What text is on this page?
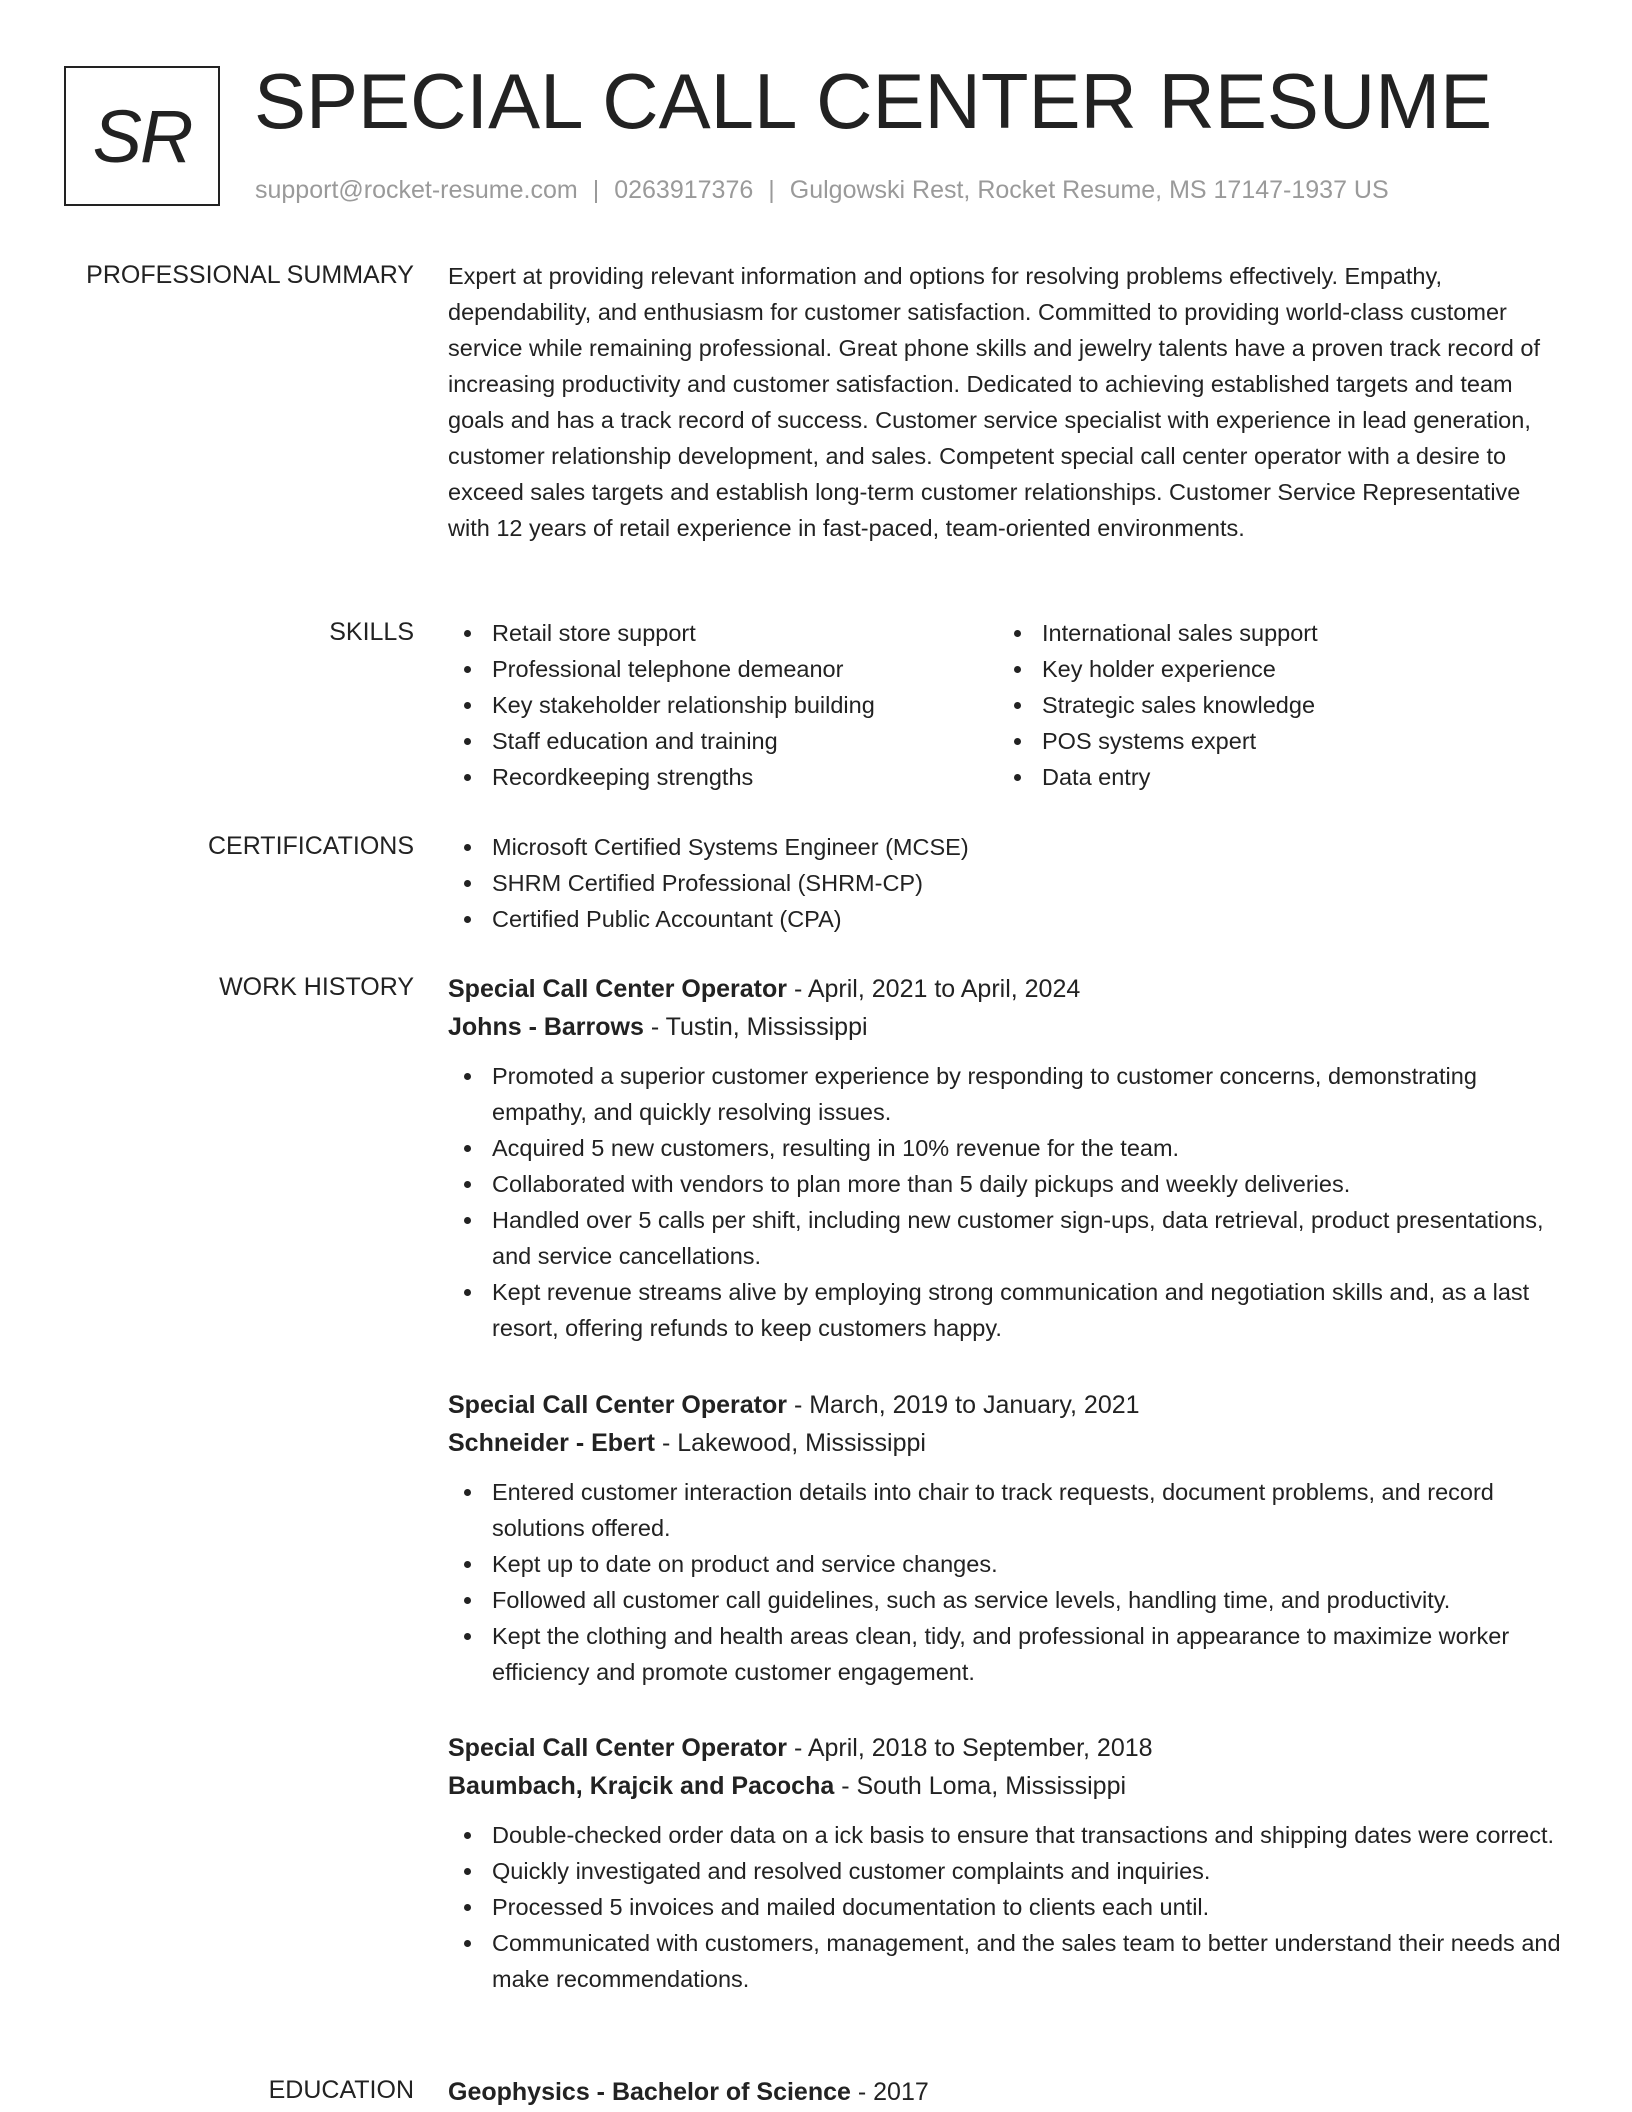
SR SPECIAL CALL CENTER RESUME
support@rocket-resume.com | 0263917376 | Gulgowski Rest, Rocket Resume, MS 17147-1937 US
PROFESSIONAL SUMMARY Expert at providing relevant information and options for resolving problems effectively. Empathy, dependability, and enthusiasm for customer satisfaction. Committed to providing world-class customer service while remaining professional. Great phone skills and jewelry talents have a proven track record of increasing productivity and customer satisfaction. Dedicated to achieving established targets and team goals and has a track record of success. Customer service specialist with experience in lead generation, customer relationship development, and sales. Competent special call center operator with a desire to exceed sales targets and establish long-term customer relationships. Customer Service Representative with 12 years of retail experience in fast-paced, team-oriented environments.

SKILLS	Retail store support
Professional telephone demeanor
Key stakeholder relationship building
Staff education and training
Recordkeeping strengths
International sales support
Key holder experience
Strategic sales knowledge
POS systems expert
Data entry
CERTIFICATIONS	Microsoft Certified Systems Engineer (MCSE)
SHRM Certified Professional (SHRM-CP)
Certified Public Accountant (CPA)
WORK HISTORY Special Call Center Operator - April, 2021 to April, 2024
Johns - Barrows - Tustin, Mississippi
Promoted a superior customer experience by responding to customer concerns, demonstrating empathy, and quickly resolving issues.
Acquired 5 new customers, resulting in 10% revenue for the team.
Collaborated with vendors to plan more than 5 daily pickups and weekly deliveries.
Handled over 5 calls per shift, including new customer sign-ups, data retrieval, product presentations, and service cancellations.
Kept revenue streams alive by employing strong communication and negotiation skills and, as a last resort, offering refunds to keep customers happy.
Special Call Center Operator - March, 2019 to January, 2021
Schneider - Ebert - Lakewood, Mississippi
Entered customer interaction details into chair to track requests, document problems, and record solutions offered.
Kept up to date on product and service changes.
Followed all customer call guidelines, such as service levels, handling time, and productivity.
Kept the clothing and health areas clean, tidy, and professional in appearance to maximize worker efficiency and promote customer engagement.
Special Call Center Operator - April, 2018 to September, 2018
Baumbach, Krajcik and Pacocha - South Loma, Mississippi
Double-checked order data on a ick basis to ensure that transactions and shipping dates were correct.
Quickly investigated and resolved customer complaints and inquiries.
Processed 5 invoices and mailed documentation to clients each until.
Communicated with customers, management, and the sales team to better understand their needs and make recommendations.
EDUCATION Geophysics - Bachelor of Science - 2017
